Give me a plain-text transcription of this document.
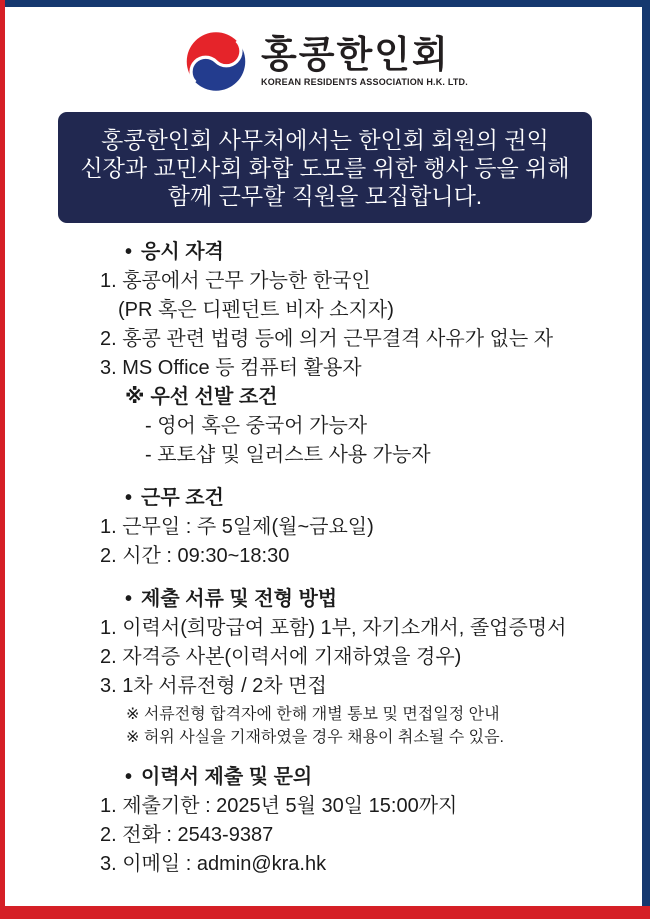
홍콩한인회
KOREAN RESIDENTS ASSOCIATION H.K. LTD.
홍콩한인회 사무처에서는 한인회 회원의 권익
신장과 교민사회 화합 도모를 위한 행사 등을 위해
함께 근무할 직원을 모집합니다.
• 응시 자격
1. 홍콩에서 근무 가능한 한국인
(PR 혹은 디펜던트 비자 소지자)
2. 홍콩 관련 법령 등에 의거 근무결격 사유가 없는 자
3. MS Office 등 컴퓨터 활용자
※ 우선 선발 조건
- 영어 혹은 중국어 가능자
- 포토샵 및 일러스트 사용 가능자
• 근무 조건
1. 근무일 : 주 5일제(월~금요일)
2. 시간 : 09:30~18:30
• 제출 서류 및 전형 방법
1. 이력서(희망급여 포함) 1부, 자기소개서, 졸업증명서
2. 자격증 사본(이력서에 기재하였을 경우)
3. 1차 서류전형 / 2차 면접
※ 서류전형 합격자에 한해 개별 통보 및 면접일정 안내
※ 허위 사실을 기재하였을 경우 채용이 취소될 수 있음.
• 이력서 제출 및 문의
1. 제출기한 : 2025년 5월 30일 15:00까지
2. 전화 : 2543-9387
3. 이메일 : admin@kra.hk
